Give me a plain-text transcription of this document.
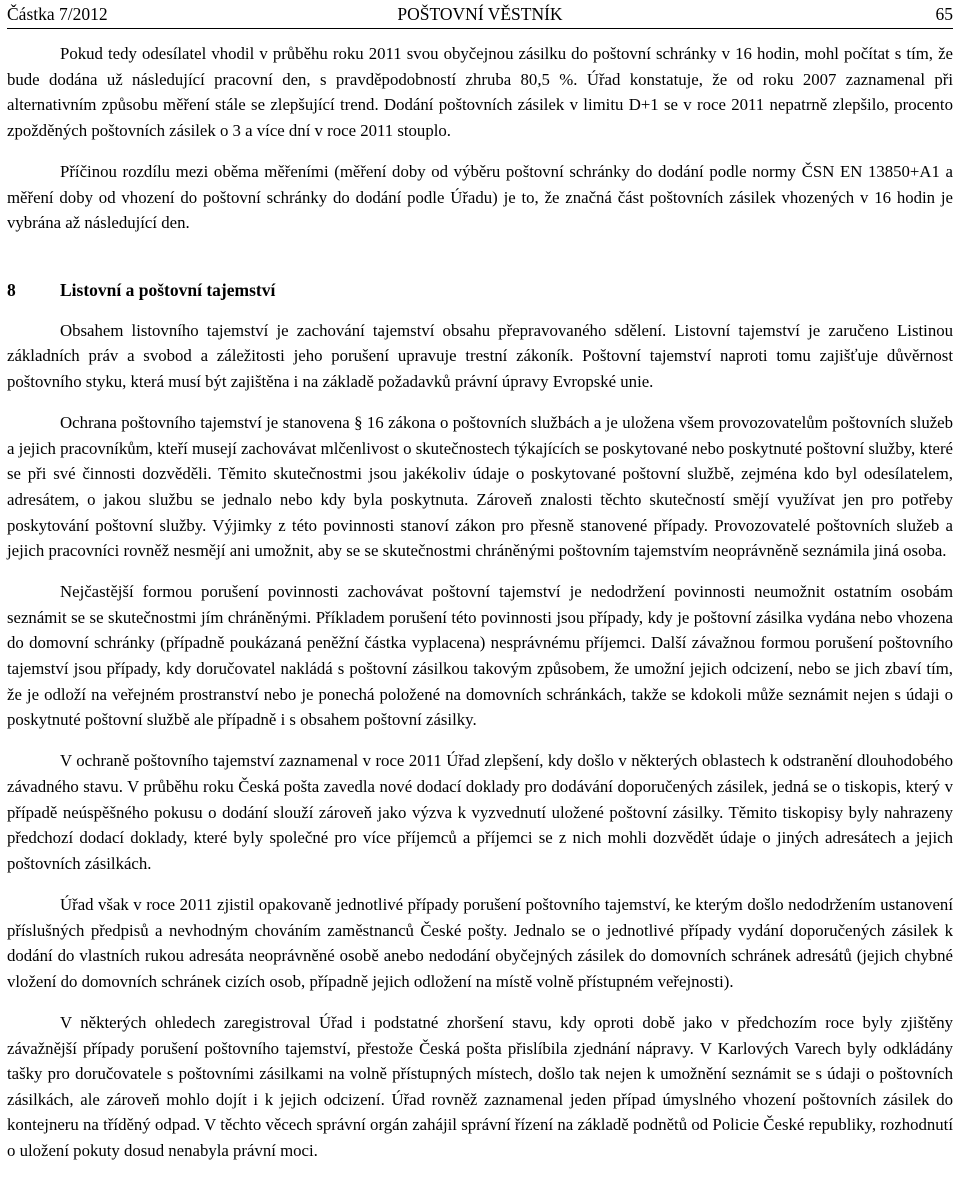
POŠTOVNÍ VĚSTNÍK
Částka 7/2012	65

Pokud tedy odesílatel vhodil v průběhu roku 2011 svou obyčejnou zásilku do poštovní schránky v 16 hodin, mohl počítat s tím, že bude dodána už následující pracovní den, s pravděpodobností zhruba 80,5 %. Úřad konstatuje, že od roku 2007 zaznamenal při alternativním způsobu měření stále se zlepšující trend. Dodání poštovních zásilek v limitu D+1 se v roce 2011 nepatrně zlepšilo, procento zpožděných poštovních zásilek o 3 a více dní v roce 2011 stouplo.

Příčinou rozdílu mezi oběma měřeními (měření doby od výběru poštovní schránky do dodání podle normy ČSN EN 13850+A1 a měření doby od vhození do poštovní schránky do dodání podle Úřadu) je to, že značná část poštovních zásilek vhozených v 16 hodin je vybrána až následující den.

8	Listovní a poštovní tajemství

Obsahem listovního tajemství je zachování tajemství obsahu přepravovaného sdělení. Listovní tajemství je zaručeno Listinou základních práv a svobod a záležitosti jeho porušení upravuje trestní zákoník. Poštovní tajemství naproti tomu zajišťuje důvěrnost poštovního styku, která musí být zajištěna i na základě požadavků právní úpravy Evropské unie.

Ochrana poštovního tajemství je stanovena § 16 zákona o poštovních službách a je uložena všem provozovatelům poštovních služeb a jejich pracovníkům, kteří musejí zachovávat mlčenlivost o skutečnostech týkajících se poskytované nebo poskytnuté poštovní služby, které se při své činnosti dozvěděli. Těmito skutečnostmi jsou jakékoliv údaje o poskytované poštovní službě, zejména kdo byl odesílatelem, adresátem, o jakou službu se jednalo nebo kdy byla poskytnuta. Zároveň znalosti těchto skutečností smějí využívat jen pro potřeby poskytování poštovní služby. Výjimky z této povinnosti stanoví zákon pro přesně stanovené případy. Provozovatelé poštovních služeb a jejich pracovníci rovněž nesmějí ani umožnit, aby se se skutečnostmi chráněnými poštovním tajemstvím neoprávněně seznámila jiná osoba.

Nejčastější formou porušení povinnosti zachovávat poštovní tajemství je nedodržení povinnosti neumožnit ostatním osobám seznámit se se skutečnostmi jím chráněnými. Příkladem porušení této povinnosti jsou případy, kdy je poštovní zásilka vydána nebo vhozena do domovní schránky (případně poukázaná peněžní částka vyplacena) nesprávnému příjemci. Další závažnou formou porušení poštovního tajemství jsou případy, kdy doručovatel nakládá s poštovní zásilkou takovým způsobem, že umožní jejich odcizení, nebo se jich zbaví tím, že je odloží na veřejném prostranství nebo je ponechá položené na domovních schránkách, takže se kdokoli může seznámit nejen s údaji o poskytnuté poštovní službě ale případně i s obsahem poštovní zásilky.

V ochraně poštovního tajemství zaznamenal v roce 2011 Úřad zlepšení, kdy došlo v některých oblastech k odstranění dlouhodobého závadného stavu. V průběhu roku Česká pošta zavedla nové dodací doklady pro dodávání doporučených zásilek, jedná se o tiskopis, který v případě neúspěšného pokusu o dodání slouží zároveň jako výzva k vyzvednutí uložené poštovní zásilky. Těmito tiskopisy byly nahrazeny předchozí dodací doklady, které byly společné pro více příjemců a příjemci se z nich mohli dozvědět údaje o jiných adresátech a jejich poštovních zásilkách.

Úřad však v roce 2011 zjistil opakovaně jednotlivé případy porušení poštovního tajemství, ke kterým došlo nedodržením ustanovení příslušných předpisů a nevhodným chováním zaměstnanců České pošty. Jednalo se o jednotlivé případy vydání doporučených zásilek k dodání do vlastních rukou adresáta neoprávněné osobě anebo nedodání obyčejných zásilek do domovních schránek adresátů (jejich chybné vložení do domovních schránek cizích osob, případně jejich odložení na místě volně přístupném veřejnosti).

V některých ohledech zaregistroval Úřad i podstatné zhoršení stavu, kdy oproti době jako v předchozím roce byly zjištěny závažnější případy porušení poštovního tajemství, přestože Česká pošta přislíbila zjednání nápravy. V Karlových Varech byly odkládány tašky pro doručovatele s poštovními zásilkami na volně přístupných místech, došlo tak nejen k umožnění seznámit se s údaji o poštovních zásilkách, ale zároveň mohlo dojít i k jejich odcizení. Úřad rovněž zaznamenal jeden případ úmyslného vhození poštovních zásilek do kontejneru na tříděný odpad. V těchto věcech správní orgán zahájil správní řízení na základě podnětů od Policie České republiky, rozhodnutí o uložení pokuty dosud nenabyla právní moci.
